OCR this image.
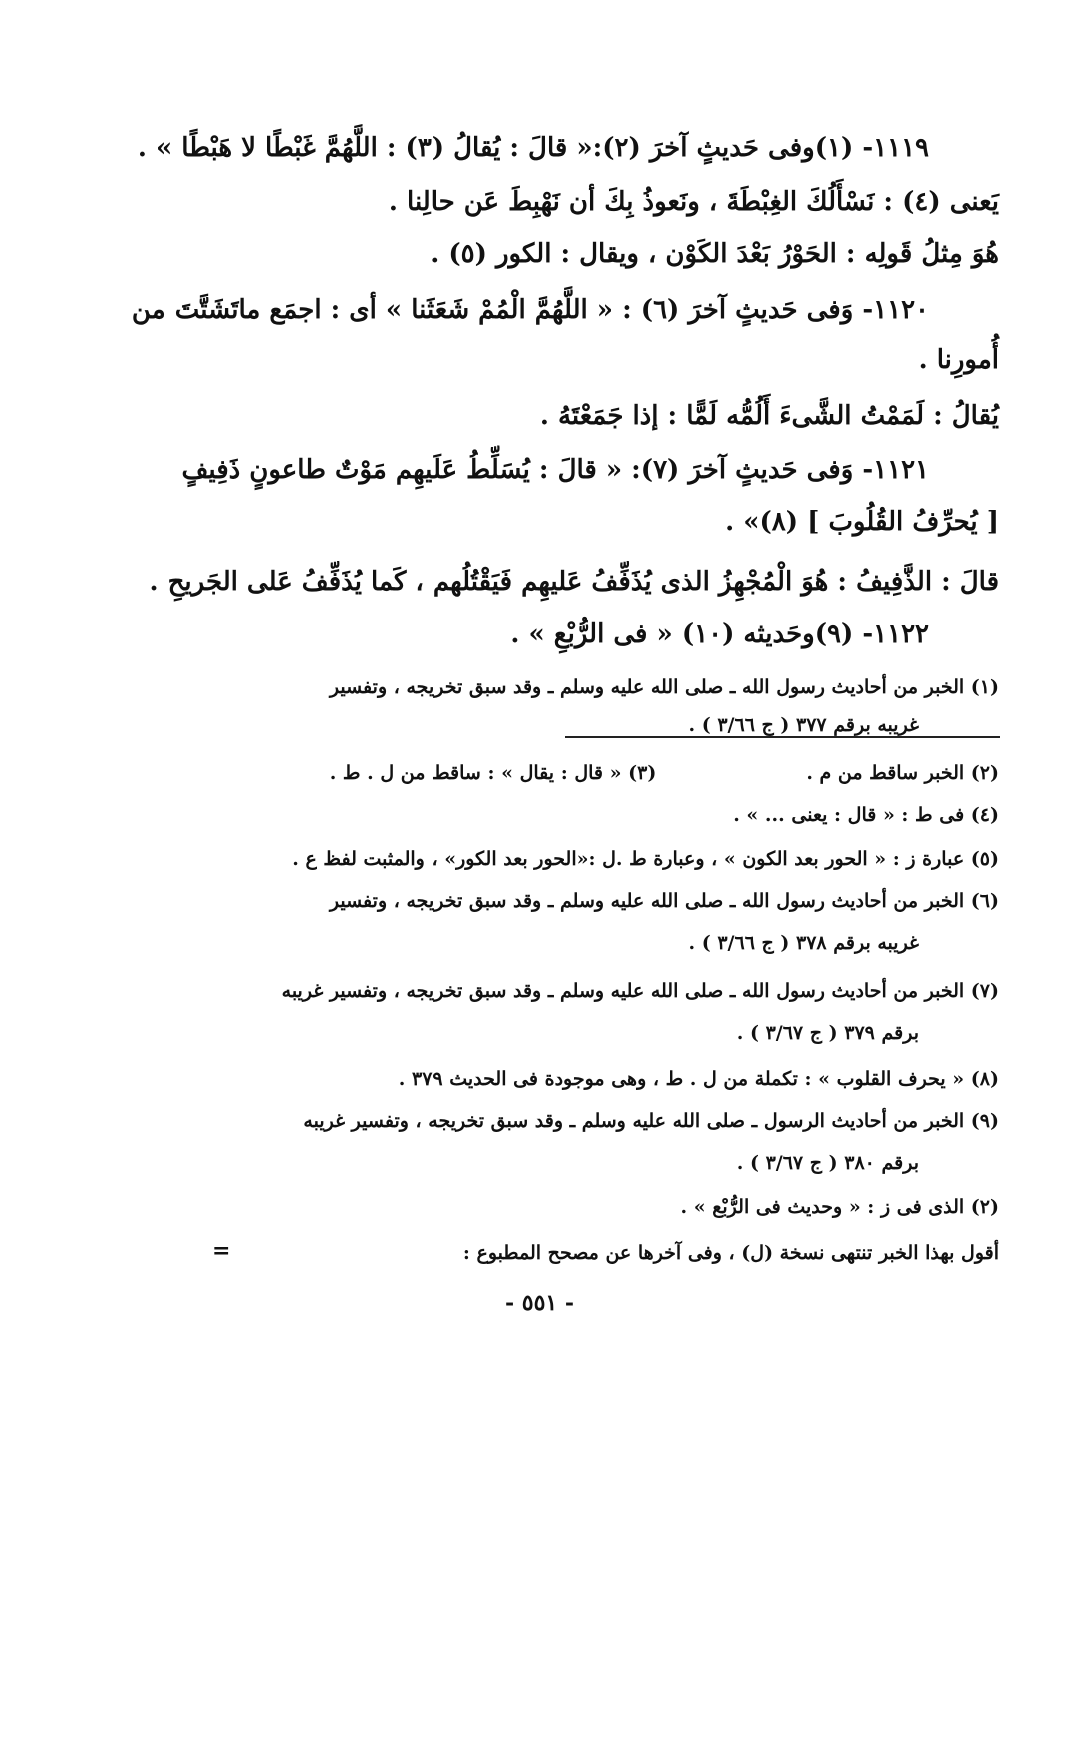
١١١٩- (١)وفى حَديثٍ آخرَ (٢):« قالَ : يُقالُ (٣) : اللَّهُمَّ غَبْطًا لا هَبْطًا » .
يَعنى (٤) : نَسْأَلُكَ الغِبْطَةَ ، ونَعوذُ بِكَ أن نَهْبِطَ عَن حالِنا .
هُوَ مِثلُ قَولِه : الحَوْرُ بَعْدَ الكَوْن ، ويقال : الكور (٥) .
١١٢٠- وَفى حَديثٍ آخرَ (٦) : « اللَّهُمَّ الْمُمْ شَعَثَنا » أى : اجمَع ماتَشَتَّتَ من
أُمورِنا .
يُقالُ : لَمَمْتُ الشَّىءَ أَلُمُّه لَمًّا : إذا جَمَعْتَهُ .
١١٢١- وَفى حَديثٍ آخرَ (٧): « قالَ : يُسَلِّطُ عَلَيهِم مَوْتٌ طاعونٍ ذَفِيفٍ
[ يُحرِّفُ القُلُوبَ ] (٨)» .
قالَ : الذَّفِيفُ : هُوَ الْمُجْهِزُ الذى يُذَفِّفُ عَليهِم فَيَقْتُلُهم ، كَما يُذَفِّفُ عَلى الجَريحِ .
١١٢٢- (٩)وحَديثه (١٠) « فى الرُّبْعِ » .
(١) الخبر من أحاديث رسول الله ـ صلى الله عليه وسلم ـ وقد سبق تخريجه ، وتفسير
غريبه برقم ٣٧٧ ( ج ٣/٦٦ ) .
(٢) الخبر ساقط من م .(٣) « قال : يقال » : ساقط من ل . ط .
(٤) فى ط : « قال : يعنى ... » .
(٥) عبارة ز : « الحور بعد الكون » ، وعبارة ط .ل :«الحور بعد الكور» ، والمثبت لفظ ع .
(٦) الخبر من أحاديث رسول الله ـ صلى الله عليه وسلم ـ وقد سبق تخريجه ، وتفسير
غريبه برقم ٣٧٨ ( ج ٣/٦٦ ) .
(٧) الخبر من أحاديث رسول الله ـ صلى الله عليه وسلم ـ وقد سبق تخريجه ، وتفسير غريبه
برقم ٣٧٩ ( ج ٣/٦٧ ) .
(٨) « يحرف القلوب » : تكملة من ل . ط ، وهى موجودة فى الحديث ٣٧٩ .
(٩) الخبر من أحاديث الرسول ـ صلى الله عليه وسلم ـ وقد سبق تخريجه ، وتفسير غريبه
برقم ٣٨٠ ( ج ٣/٦٧ ) .
(٢) الذى فى ز : « وحديث فى الرُّبْع » .
أقول بهذا الخبر تنتهى نسخة (ل) ، وفى آخرها عن مصحح المطبوع :
=
- ٥٥١ -
